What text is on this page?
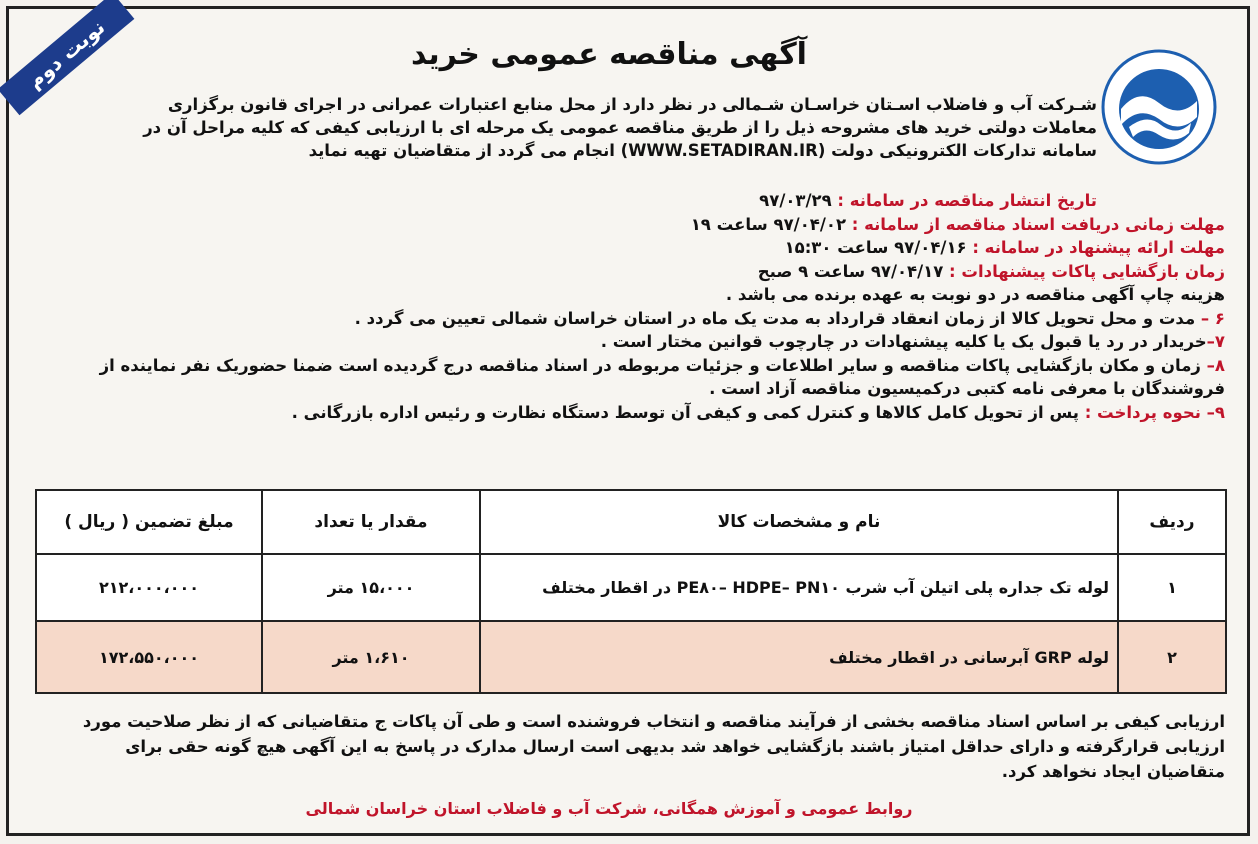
نوبت دوم	آگهی مناقصه عمومی خرید
شـرکت آب و فاضلاب اسـتان خراسـان شـمالی در نظر دارد از محل منابع اعتبارات عمرانی در اجرای قانون برگزاری
معاملات دولتی خرید های مشروحه ذیل را از طریق مناقصه عمومی یک مرحله ای با ارزیابی کیفی که کلیه مراحل آن در
سامانه تدارکات الکترونیکی دولت (WWW.SETADIRAN.IR) انجام می گردد از متقاضیان تهیه نماید
تاریخ انتشار مناقصه در سامانه : ۹۷/۰۳/۲۹
مهلت زمانی دریافت اسناد مناقصه از سامانه : ۹۷/۰۴/۰۲ ساعت ۱۹
مهلت ارائه پیشنهاد در سامانه : ۹۷/۰۴/۱۶ ساعت ۱۵:۳۰
زمان بازگشایی پاکات پیشنهادات : ۹۷/۰۴/۱۷ ساعت ۹ صبح
هزینه چاپ آگهی مناقصه در دو نوبت به عهده برنده می باشد .
۶ – مدت و محل تحویل کالا از زمان انعقاد قرارداد به مدت یک ماه در استان خراسان شمالی تعیین می گردد .
۷–خریدار در رد یا قبول یک یا کلیه پیشنهادات در چارچوب قوانین مختار است .
۸– زمان و مکان بازگشایی پاکات مناقصه و سایر اطلاعات و جزئیات مربوطه در اسناد مناقصه درج گردیده است ضمنا حضوریک نفر نماینده از
فروشندگان با معرفی نامه کتبی درکمیسیون مناقصه آزاد است .
۹– نحوه پرداخت : پس از تحویل کامل کالاها و کنترل کمی و کیفی آن توسط دستگاه نظارت و رئیس اداره بازرگانی .
ردیف	نام و مشخصات کالا	مقدار یا تعداد	مبلغ تضمین ( ریال )
۱	لوله تک جداره پلی اتیلن آب شرب PE۸۰– HDPE– PN۱۰ در اقطار مختلف	۱۵،۰۰۰ متر	۲۱۲،۰۰۰،۰۰۰
۲	لوله GRP آبرسانی در اقطار مختلف	۱،۶۱۰ متر	۱۷۲،۵۵۰،۰۰۰
ارزیابی کیفی بر اساس اسناد مناقصه بخشی از فرآیند مناقصه و انتخاب فروشنده است و طی آن پاکات ج متقاضیانی که از نظر صلاحیت مورد
ارزیابی قرارگرفته و دارای حداقل امتیاز باشند بازگشایی خواهد شد بدیهی است ارسال مدارک در پاسخ به این آگهی هیچ گونه حقی برای
متقاضیان ایجاد نخواهد کرد.
روابط عمومی و آموزش همگانی، شرکت آب و فاضلاب استان خراسان شمالی
